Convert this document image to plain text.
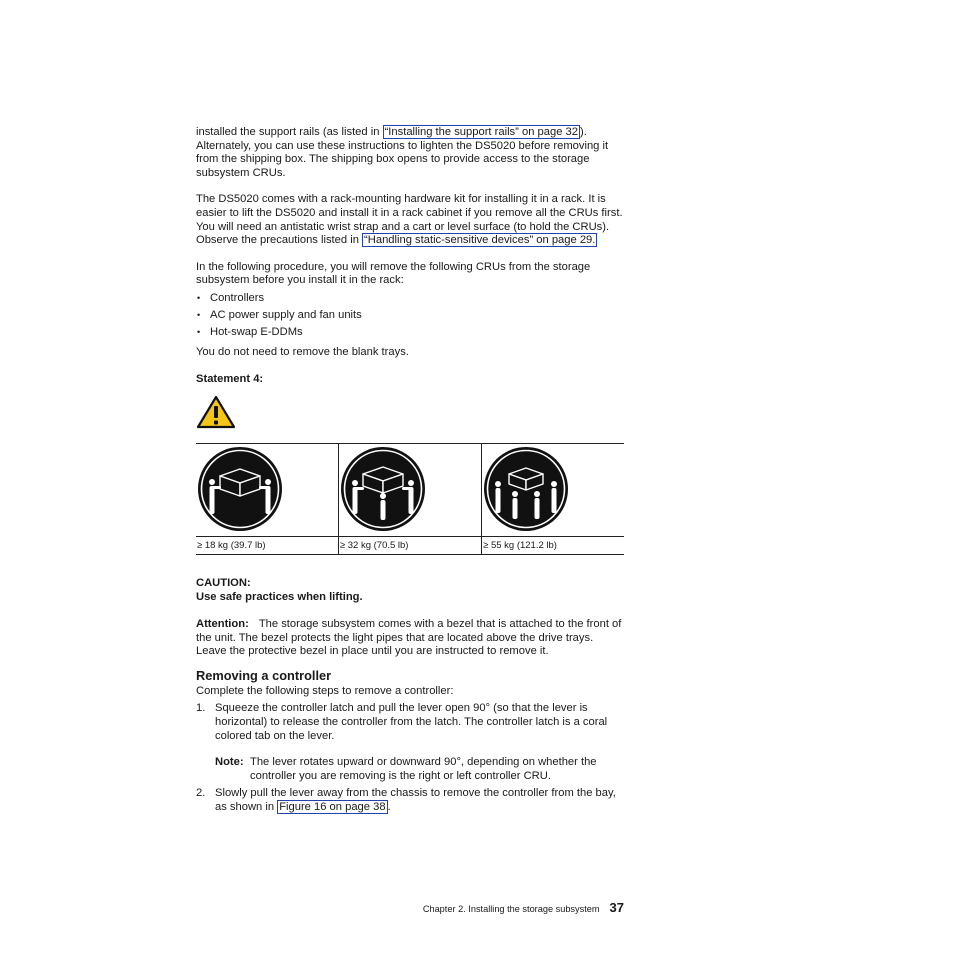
installed the support rails (as listed in “Installing the support rails” on page 32 ). Alternately, you can use these instructions to lighten the DS5020 before removing it from the shipping box. The shipping box opens to provide access to the storage subsystem CRUs.

The DS5020 comes with a rack-mounting hardware kit for installing it in a rack. It is easier to lift the DS5020 and install it in a rack cabinet if you remove all the CRUs first. You will need an antistatic wrist strap and a cart or level surface (to hold the CRUs). Observe the precautions listed in “Handling static-sensitive devices” on page 29.

In the following procedure, you will remove the following CRUs from the storage subsystem before you install it in the rack:

• Controllers
• AC power supply and fan units
• Hot-swap E-DDMs

You do not need to remove the blank trays.

Statement 4:

≥ 18 kg (39.7 lb)	≥ 32 kg (70.5 lb)	≥ 55 kg (121.2 lb)

CAUTION:

Use safe practices when lifting.

Attention: The storage subsystem comes with a bezel that is attached to the front of the unit. The bezel protects the light pipes that are located above the drive trays. Leave the protective bezel in place until you are instructed to remove it.

Removing a controller

Complete the following steps to remove a controller:

1. Squeeze the controller latch and pull the lever open 90° (so that the lever is horizontal) to release the controller from the latch. The controller latch is a coral colored tab on the lever.
Note: The lever rotates upward or downward 90°, depending on whether the controller you are removing is the right or left controller CRU.
2. Slowly pull the lever away from the chassis to remove the controller from the bay, as shown in Figure 16 on page 38 .
Chapter 2. Installing the storage subsystem 37
